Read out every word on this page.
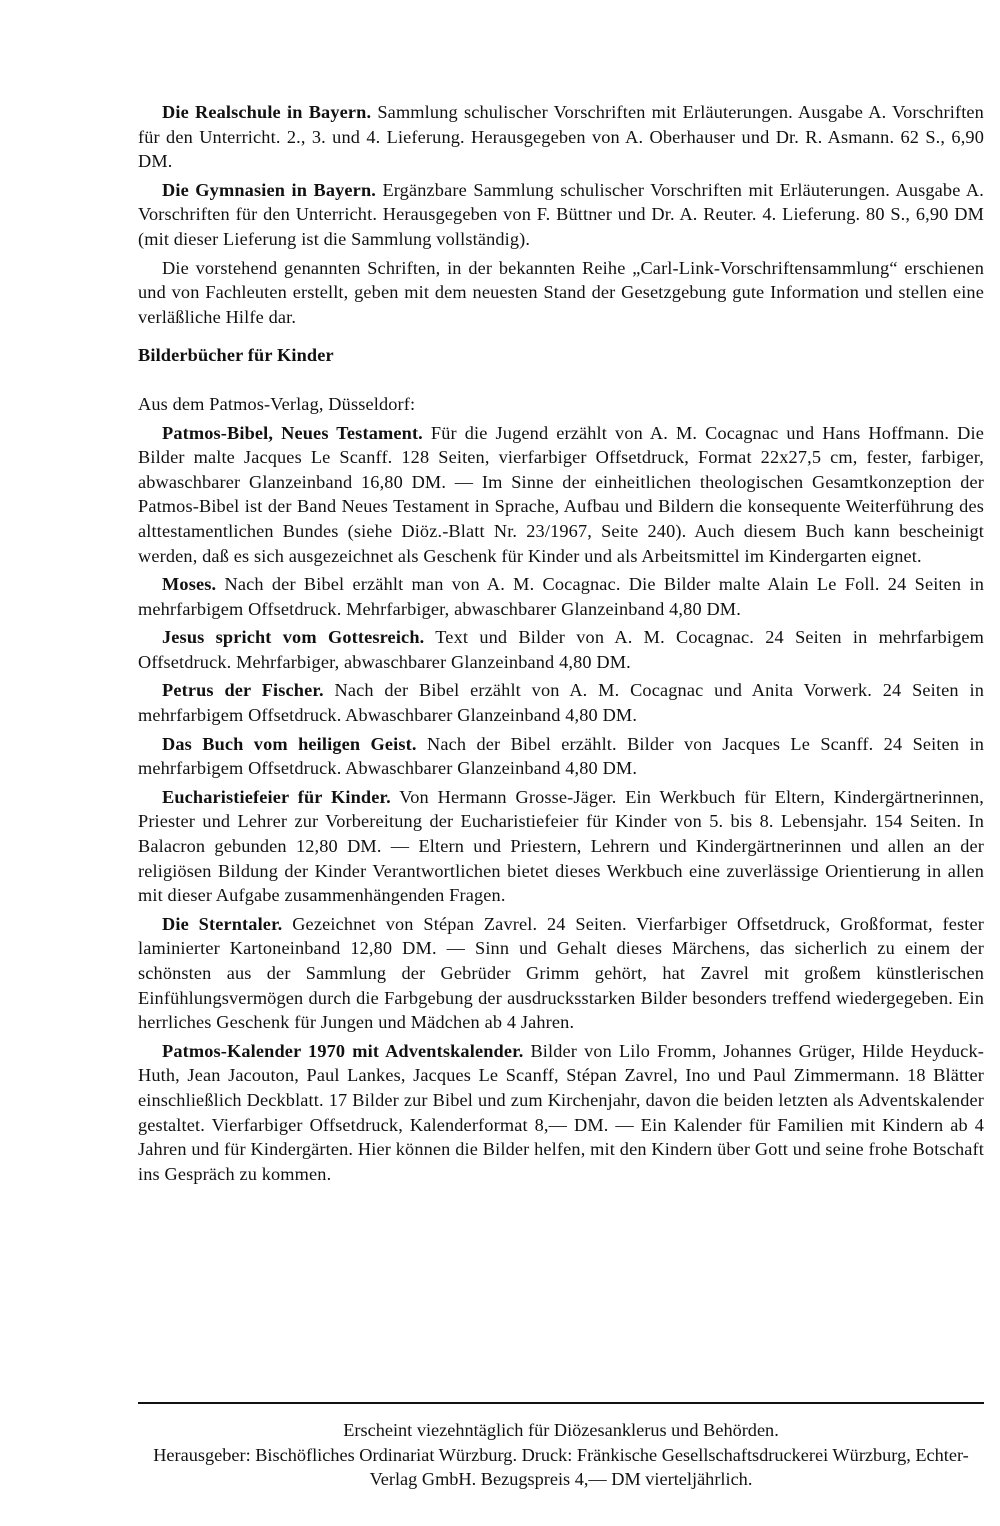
Die Realschule in Bayern. Sammlung schulischer Vorschriften mit Erläuterungen. Ausgabe A. Vorschriften für den Unterricht. 2., 3. und 4. Lieferung. Herausgegeben von A. Oberhauser und Dr. R. Asmann. 62 S., 6,90 DM.

Die Gymnasien in Bayern. Ergänzbare Sammlung schulischer Vorschriften mit Erläuterungen. Ausgabe A. Vorschriften für den Unterricht. Herausgegeben von F. Büttner und Dr. A. Reuter. 4. Lieferung. 80 S., 6,90 DM (mit dieser Lieferung ist die Sammlung vollständig).

Die vorstehend genannten Schriften, in der bekannten Reihe „Carl-Link-Vorschriftensammlung“ erschienen und von Fachleuten erstellt, geben mit dem neuesten Stand der Gesetzgebung gute Information und stellen eine verläßliche Hilfe dar.

Bilderbücher für Kinder

Aus dem Patmos-Verlag, Düsseldorf:

Patmos-Bibel, Neues Testament. Für die Jugend erzählt von A. M. Cocagnac und Hans Hoffmann. Die Bilder malte Jacques Le Scanff. 128 Seiten, vierfarbiger Offsetdruck, Format 22x27,5 cm, fester, farbiger, abwaschbarer Glanzeinband 16,80 DM. — Im Sinne der einheitlichen theologischen Gesamtkonzeption der Patmos-Bibel ist der Band Neues Testament in Sprache, Aufbau und Bildern die konsequente Weiterführung des alttestamentlichen Bundes (siehe Diöz.-Blatt Nr. 23/1967, Seite 240). Auch diesem Buch kann bescheinigt werden, daß es sich ausgezeichnet als Geschenk für Kinder und als Arbeitsmittel im Kindergarten eignet.

Moses. Nach der Bibel erzählt man von A. M. Cocagnac. Die Bilder malte Alain Le Foll. 24 Seiten in mehrfarbigem Offsetdruck. Mehrfarbiger, abwaschbarer Glanzeinband 4,80 DM.

Jesus spricht vom Gottesreich. Text und Bilder von A. M. Cocagnac. 24 Seiten in mehrfarbigem Offsetdruck. Mehrfarbiger, abwaschbarer Glanzeinband 4,80 DM.

Petrus der Fischer. Nach der Bibel erzählt von A. M. Cocagnac und Anita Vorwerk. 24 Seiten in mehrfarbigem Offsetdruck. Abwaschbarer Glanzeinband 4,80 DM.

Das Buch vom heiligen Geist. Nach der Bibel erzählt. Bilder von Jacques Le Scanff. 24 Seiten in mehrfarbigem Offsetdruck. Abwaschbarer Glanzeinband 4,80 DM.

Eucharistiefeier für Kinder. Von Hermann Grosse-Jäger. Ein Werkbuch für Eltern, Kindergärtnerinnen, Priester und Lehrer zur Vorbereitung der Eucharistiefeier für Kinder von 5. bis 8. Lebensjahr. 154 Seiten. In Balacron gebunden 12,80 DM. — Eltern und Priestern, Lehrern und Kindergärtnerinnen und allen an der religiösen Bildung der Kinder Verantwortlichen bietet dieses Werkbuch eine zuverlässige Orientierung in allen mit dieser Aufgabe zusammenhängenden Fragen.

Die Sterntaler. Gezeichnet von Stépan Zavrel. 24 Seiten. Vierfarbiger Offsetdruck, Großformat, fester laminierter Kartoneinband 12,80 DM. — Sinn und Gehalt dieses Märchens, das sicherlich zu einem der schönsten aus der Sammlung der Gebrüder Grimm gehört, hat Zavrel mit großem künstlerischen Einfühlungsvermögen durch die Farbgebung der ausdrucksstarken Bilder besonders treffend wiedergegeben. Ein herrliches Geschenk für Jungen und Mädchen ab 4 Jahren.

Patmos-Kalender 1970 mit Adventskalender. Bilder von Lilo Fromm, Johannes Grüger, Hilde Heyduck-Huth, Jean Jacouton, Paul Lankes, Jacques Le Scanff, Stépan Zavrel, Ino und Paul Zimmermann. 18 Blätter einschließlich Deckblatt. 17 Bilder zur Bibel und zum Kirchenjahr, davon die beiden letzten als Adventskalender gestaltet. Vierfarbiger Offsetdruck, Kalenderformat 8,— DM. — Ein Kalender für Familien mit Kindern ab 4 Jahren und für Kindergärten. Hier können die Bilder helfen, mit den Kindern über Gott und seine frohe Botschaft ins Gespräch zu kommen.

Erscheint viezehntäglich für Diözesanklerus und Behörden.
Herausgeber: Bischöfliches Ordinariat Würzburg. Druck: Fränkische Gesellschaftsdruckerei Würzburg, Echter-Verlag GmbH. Bezugspreis 4,— DM vierteljährlich.
